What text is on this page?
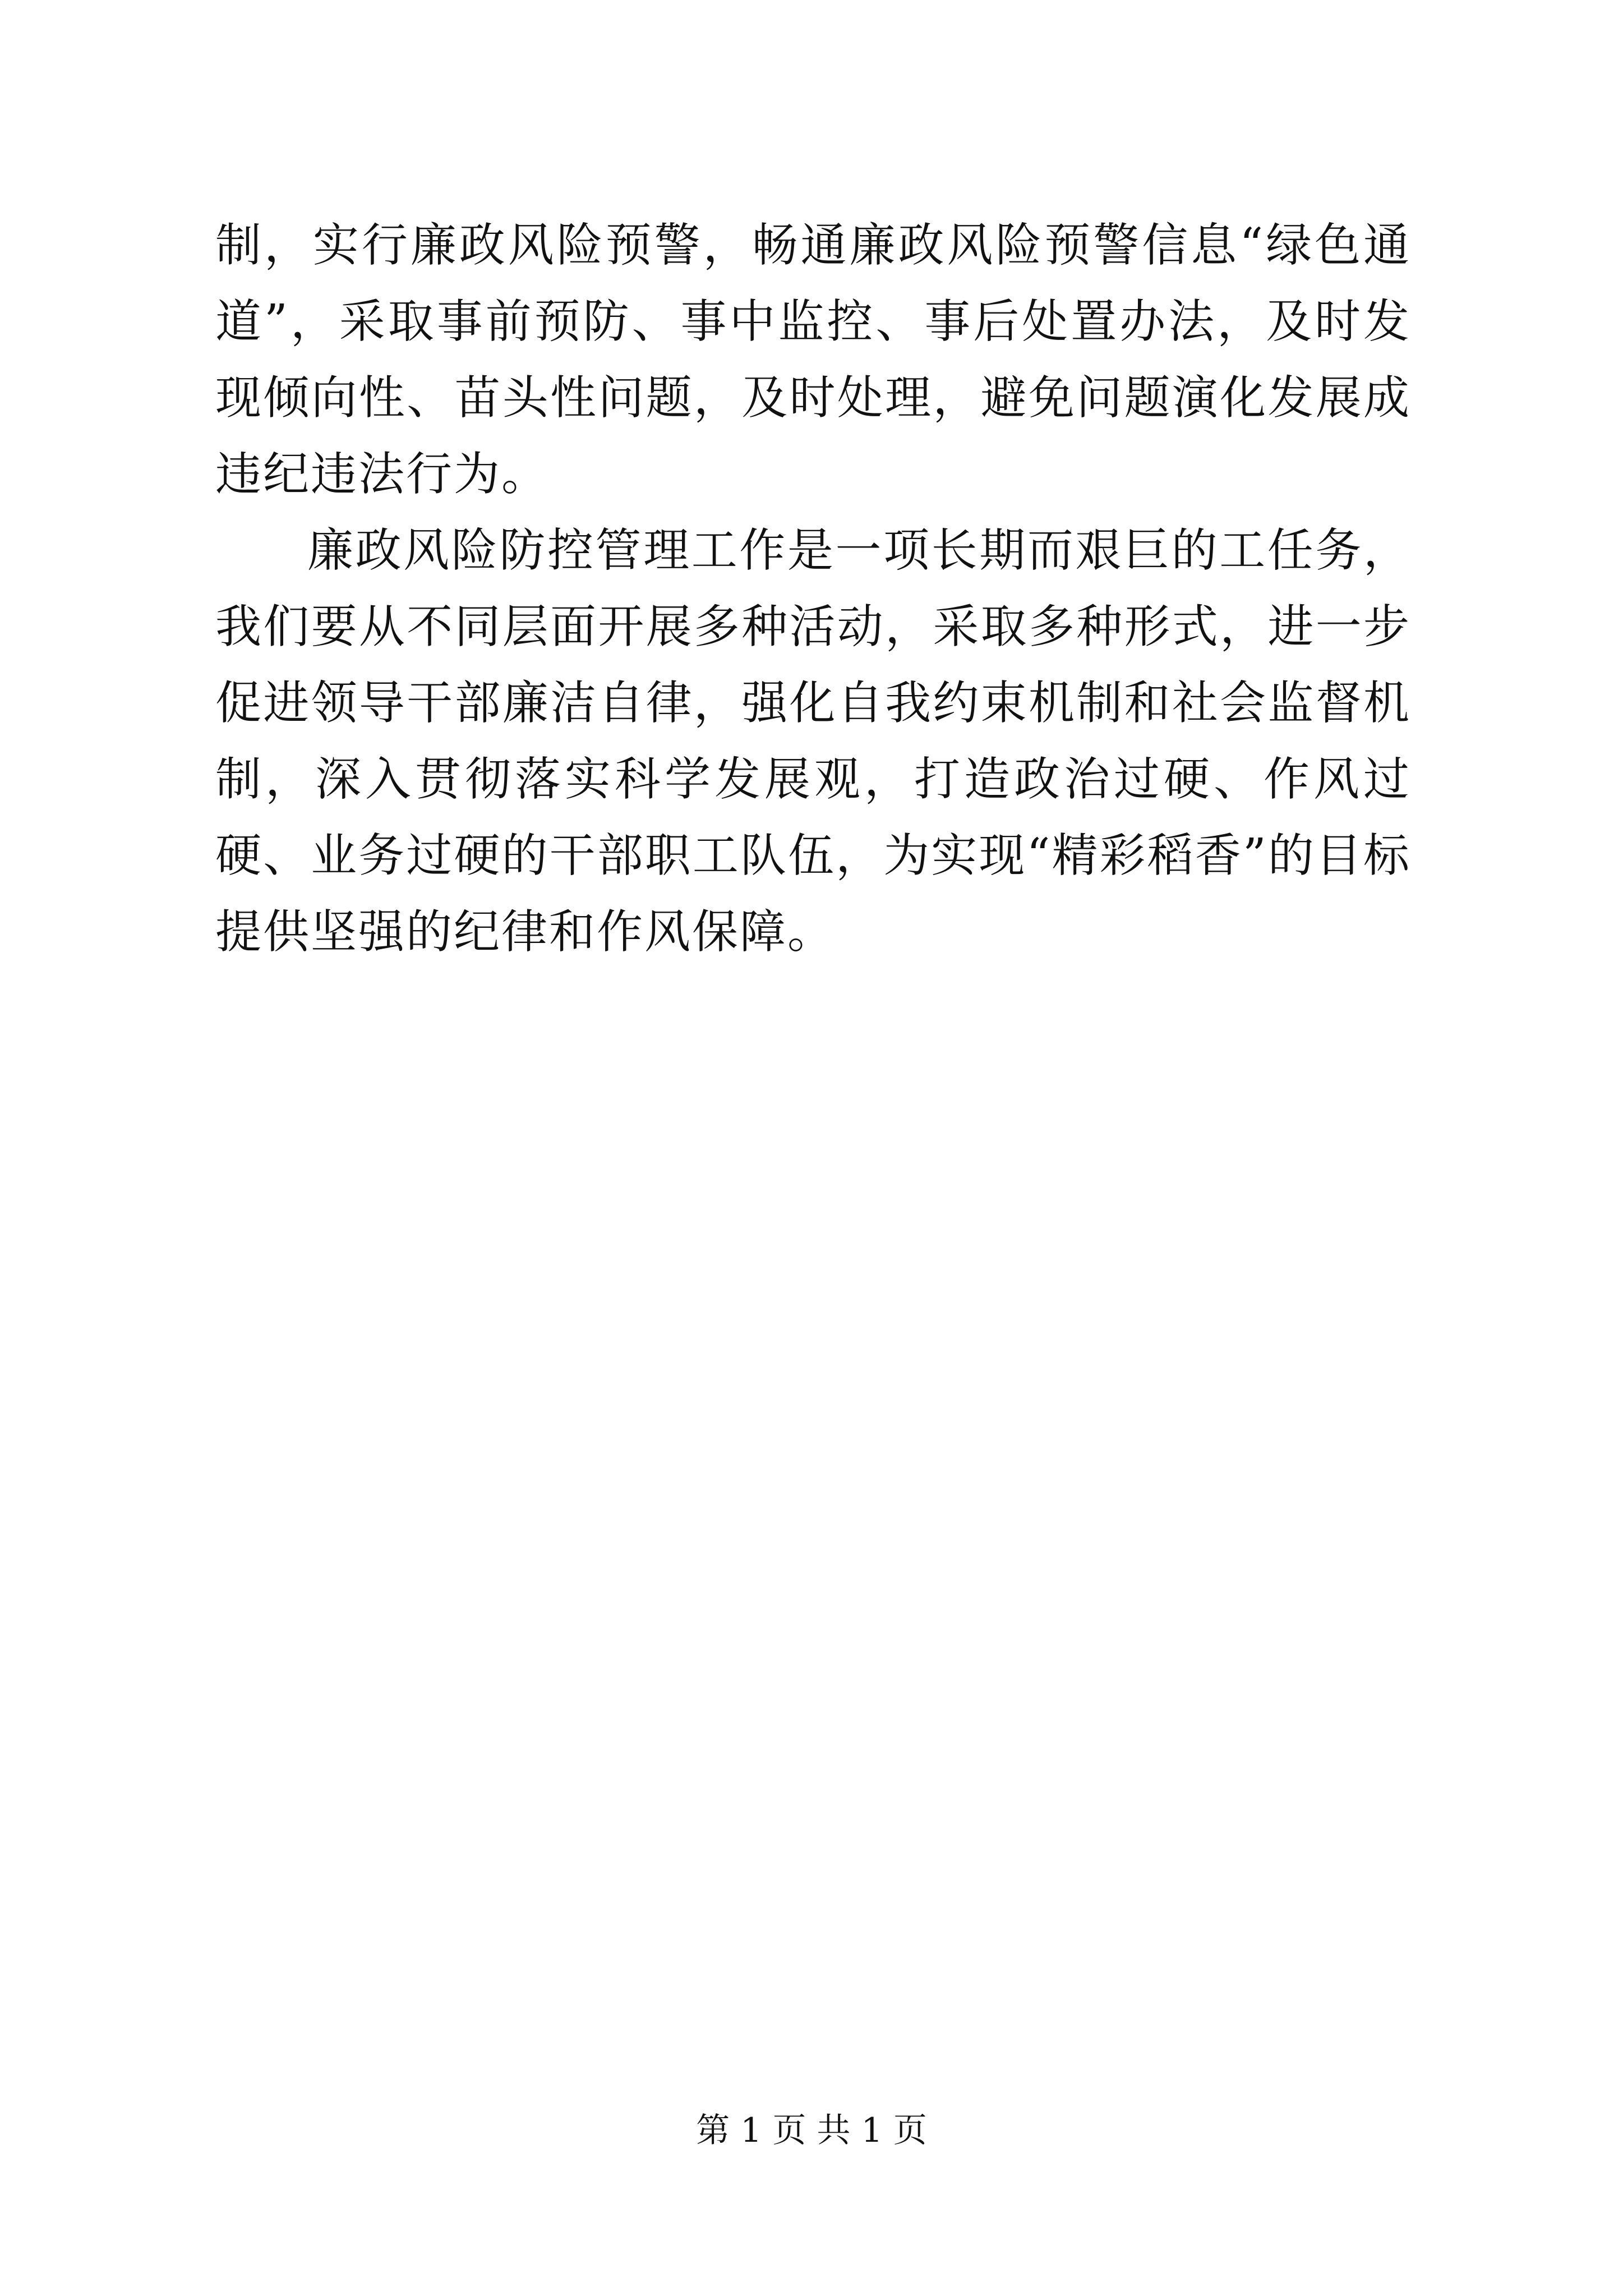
制，实行廉政风险预警，畅通廉政风险预警信息“绿色通道”，采取事前预防、事中监控、事后处置办法，及时发现倾向性、苗头性问题，及时处理，避免问题演化发展成违纪违法行为。

廉政风险防控管理工作是一项长期而艰巨的工任务，我们要从不同层面开展多种活动，采取多种形式，进一步促进领导干部廉洁自律，强化自我约束机制和社会监督机制，深入贯彻落实科学发展观，打造政治过硬、作风过硬、业务过硬的干部职工队伍，为实现“精彩稻香”的目标提供坚强的纪律和作风保障。

第 1 页 共 1 页
